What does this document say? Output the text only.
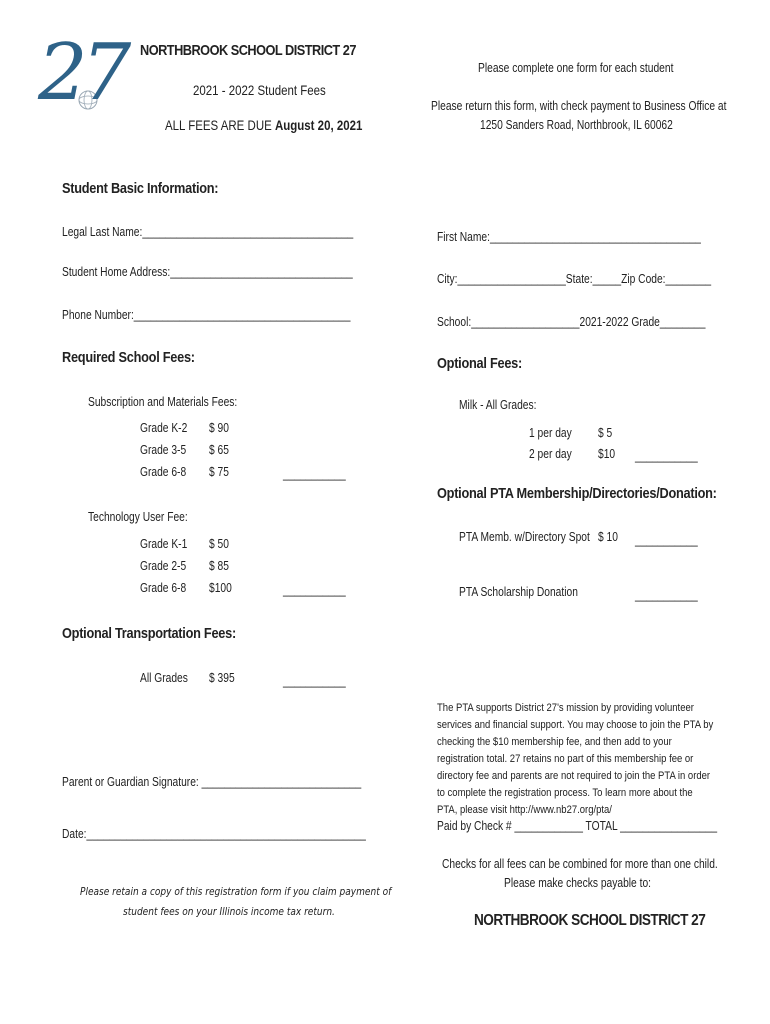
27 NORTHBROOK SCHOOL DISTRICT 27
2021 - 2022 Student Fees
ALL FEES ARE DUE August 20, 2021
Please complete one form for each student
Please return this form, with check payment to Business Office at
1250 Sanders Road, Northbrook, IL 60062
Student Basic Information:
Legal Last Name:_____________________________________	First Name:_____________________________________
Student Home Address:________________________________	City:___________________State:_____Zip Code:________
Phone Number:______________________________________	School:___________________2021-2022 Grade________
Required School Fees:
Subscription and Materials Fees:
Grade K-2 $ 90
Grade 3-5 $ 65
Grade 6-8 $ 75	___________
Technology User Fee:
Grade K-1 $ 50
Grade 2-5 $ 85
Grade 6-8 $100	___________
Optional Transportation Fees:
All Grades $ 395	___________
Optional Fees:
Milk - All Grades:
1 per day $ 5
2 per day $10 ___________
Optional PTA Membership/Directories/Donation:
PTA Memb. w/Directory Spot $ 10 ___________
PTA Scholarship Donation	___________
The PTA supports District 27's mission by providing volunteer services and financial support. You may choose to join the PTA by checking the $10 membership fee, and then add to your registration total. 27 retains no part of this membership fee or directory fee and parents are not required to join the PTA in order to complete the registration process. To learn more about the PTA, please visit http://www.nb27.org/pta/
Parent or Guardian Signature: ____________________________
Date:_________________________________________________
Please retain a copy of this registration form if you claim payment of
student fees on your Illinois income tax return.
Paid by Check # ____________ TOTAL _________________
Checks for all fees can be combined for more than one child.
Please make checks payable to:
NORTHBROOK SCHOOL DISTRICT 27
